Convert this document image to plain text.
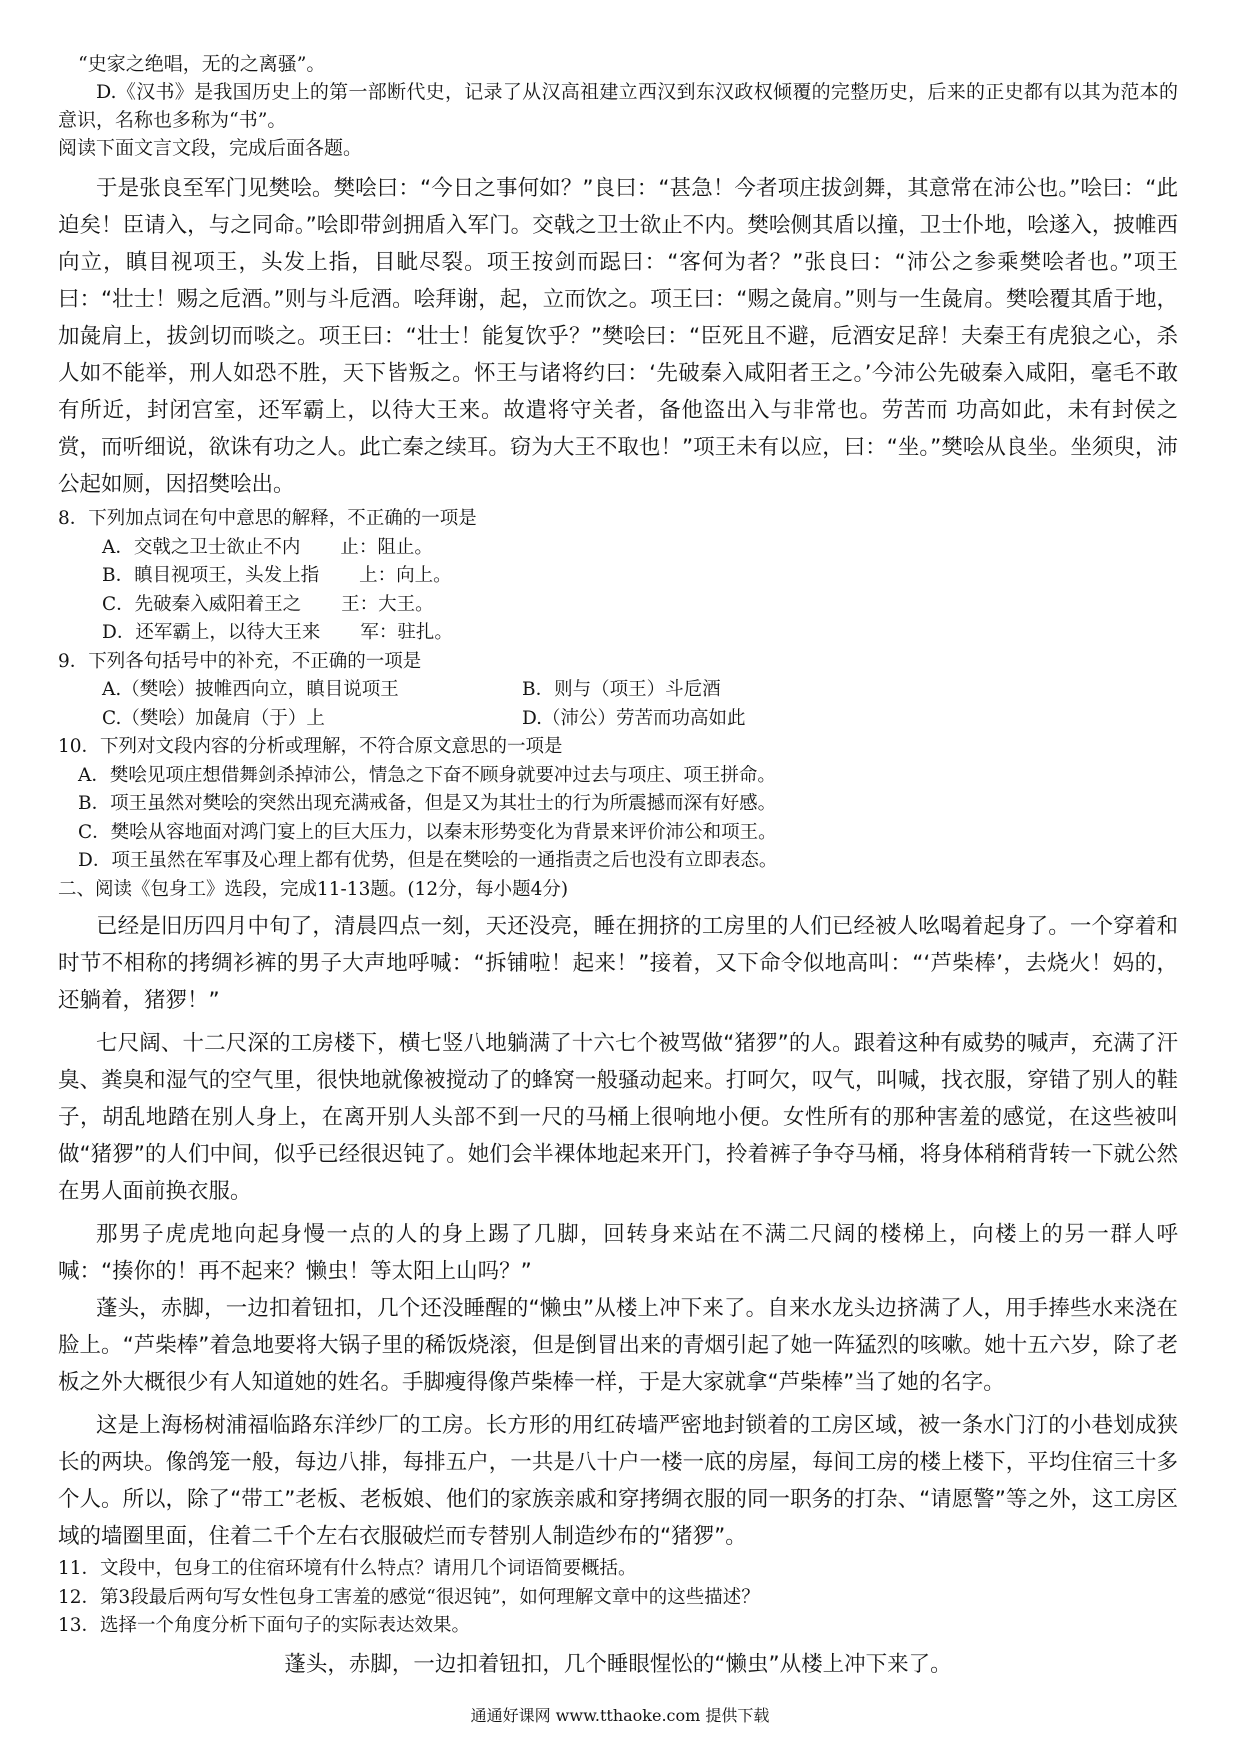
“史家之绝唱，无的之离骚”。

D.《汉书》是我国历史上的第一部断代史，记录了从汉高祖建立西汉到东汉政权倾覆的完整历史，后来的正史都有以其为范本的意识，名称也多称为“书”。

阅读下面文言文段，完成后面各题。

于是张良至军门见樊哙。樊哙曰：“今日之事何如？”良曰：“甚急！今者项庄拔剑舞，其意常在沛公也。”哙曰：“此迫矣！臣请入，与之同命。”哙即带剑拥盾入军门。交戟之卫士欲止不内。樊哙侧其盾以撞，卫士仆地，哙遂入，披帷西向立，瞋目视项王，头发上指，目眦尽裂。项王按剑而跽曰：“客何为者？”张良曰：“沛公之参乘樊哙者也。”项王曰：“壮士！赐之卮酒。”则与斗卮酒。哙拜谢，起，立而饮之。项王曰：“赐之彘肩。”则与一生彘肩。樊哙覆其盾于地，加彘肩上，拔剑切而啖之。项王曰：“壮士！能复饮乎？”樊哙曰：“臣死且不避，卮酒安足辞！夫秦王有虎狼之心，杀人如不能举，刑人如恐不胜，天下皆叛之。怀王与诸将约曰：‘先破秦入咸阳者王之。’今沛公先破秦入咸阳，毫毛不敢有所近，封闭宫室，还军霸上，以待大王来。故遣将守关者，备他盗出入与非常也。劳苦而 功高如此，未有封侯之赏，而听细说，欲诛有功之人。此亡秦之续耳。窃为大王不取也！”项王未有以应，曰：“坐。”樊哙从良坐。坐须臾，沛公起如厕，因招樊哙出。

8．下列加点词在句中意思的解释，不正确的一项是

A．交戟之卫士欲止不内 止：阻止。

B．瞋目视项王，头发上指 上：向上。

C．先破秦入威阳着王之 王：大王。

D．还军霸上，以待大王来 军：驻扎。

9．下列各句括号中的补充，不正确的一项是

A.（樊哙）披帷西向立，瞋目说项王	B．则与（项王）斗卮酒
C.（樊哙）加彘肩（于）上	D.（沛公）劳苦而功高如此

10．下列对文段内容的分析或理解，不符合原文意思的一项是

A．樊哙见项庄想借舞剑杀掉沛公，情急之下奋不顾身就要冲过去与项庄、项王拼命。

B．项王虽然对樊哙的突然出现充满戒备，但是又为其壮士的行为所震撼而深有好感。

C．樊哙从容地面对鸿门宴上的巨大压力，以秦末形势变化为背景来评价沛公和项王。

D．项王虽然在军事及心理上都有优势，但是在樊哙的一通指责之后也没有立即表态。

二、阅读《包身工》选段，完成11-13题。(12分，每小题4分)

已经是旧历四月中旬了，清晨四点一刻，天还没亮，睡在拥挤的工房里的人们已经被人吆喝着起身了。一个穿着和时节不相称的拷绸衫裤的男子大声地呼喊：“拆铺啦！起来！”接着，又下命令似地高叫：“‘芦柴棒’，去烧火！妈的，还躺着，猪猡！”

七尺阔、十二尺深的工房楼下，横七竖八地躺满了十六七个被骂做“猪猡”的人。跟着这种有威势的喊声，充满了汗臭、粪臭和湿气的空气里，很快地就像被搅动了的蜂窝一般骚动起来。打呵欠，叹气，叫喊，找衣服，穿错了别人的鞋子，胡乱地踏在别人身上，在离开别人头部不到一尺的马桶上很响地小便。女性所有的那种害羞的感觉，在这些被叫做“猪猡”的人们中间，似乎已经很迟钝了。她们会半裸体地起来开门，拎着裤子争夺马桶，将身体稍稍背转一下就公然在男人面前换衣服。

那男子虎虎地向起身慢一点的人的身上踢了几脚，回转身来站在不满二尺阔的楼梯上，向楼上的另一群人呼喊：“揍你的！再不起来？懒虫！等太阳上山吗？”

蓬头，赤脚，一边扣着钮扣，几个还没睡醒的“懒虫”从楼上冲下来了。自来水龙头边挤满了人，用手捧些水来浇在脸上。“芦柴棒”着急地要将大锅子里的稀饭烧滚，但是倒冒出来的青烟引起了她一阵猛烈的咳嗽。她十五六岁，除了老板之外大概很少有人知道她的姓名。手脚瘦得像芦柴棒一样，于是大家就拿“芦柴棒”当了她的名字。

这是上海杨树浦福临路东洋纱厂的工房。长方形的用红砖墙严密地封锁着的工房区域，被一条水门汀的小巷划成狭长的两块。像鸽笼一般，每边八排，每排五户，一共是八十户一楼一底的房屋，每间工房的楼上楼下，平均住宿三十多个人。所以，除了“带工”老板、老板娘、他们的家族亲戚和穿拷绸衣服的同一职务的打杂、“请愿警”等之外，这工房区域的墙圈里面，住着二千个左右衣服破烂而专替别人制造纱布的“猪猡”。

11．文段中，包身工的住宿环境有什么特点？请用几个词语简要概括。

12．第3段最后两句写女性包身工害羞的感觉“很迟钝”，如何理解文章中的这些描述？

13．选择一个角度分析下面句子的实际表达效果。

蓬头，赤脚，一边扣着钮扣，几个睡眼惺忪的“懒虫”从楼上冲下来了。

通通好课网 www.tthaoke.com 提供下载
